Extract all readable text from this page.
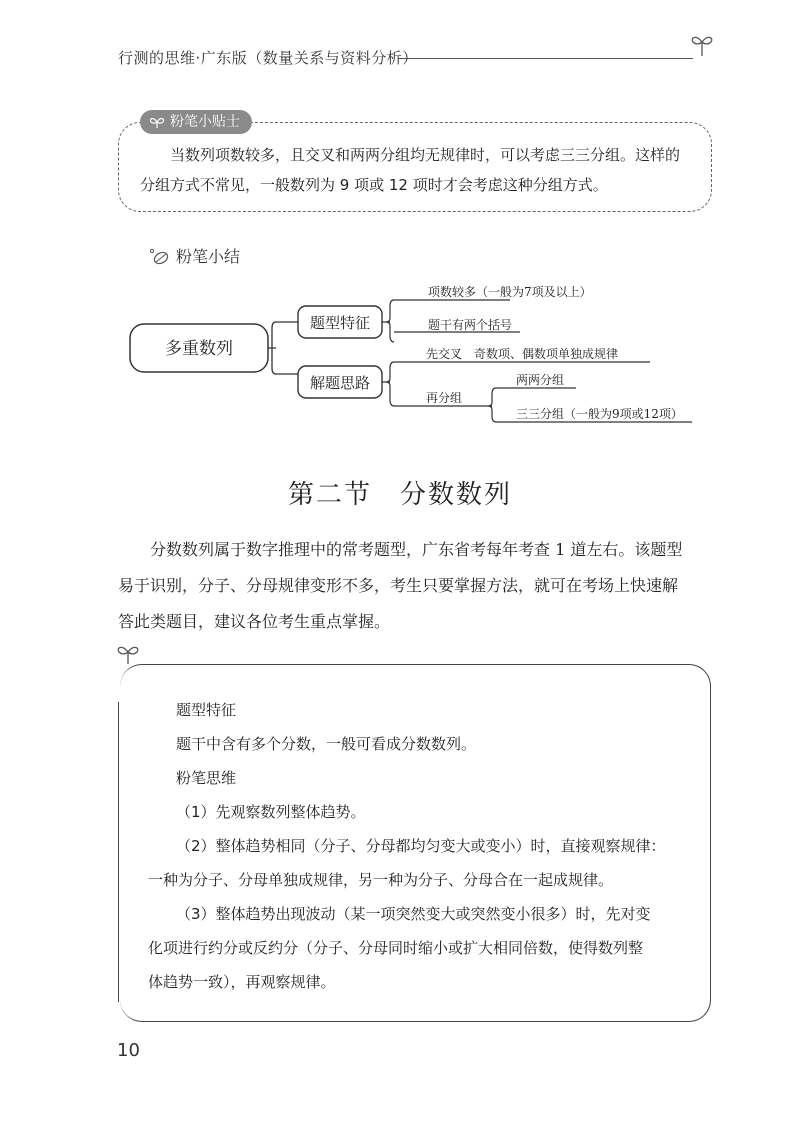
行测的思维·广东版（数量关系与资料分析）
粉笔小贴士

当数列项数较多，且交叉和两两分组均无规律时，可以考虑三三分组。这样的

分组方式不常见，一般数列为 9 项或 12 项时才会考虑这种分组方式。

粉笔小结
多重数列
题型特征
项数较多（一般为7项及以上）
题干有两个括号
解题思路
先交叉　奇数项、偶数项单独成规律
再分组
两两分组
三三分组（一般为9项或12项）
第二节　分数数列
分数数列属于数字推理中的常考题型，广东省考每年考查 1 道左右。该题型易于识别，分子、分母规律变形不多，考生只要掌握方法，就可在考场上快速解答此类题目，建议各位考生重点掌握。

题型特征

题干中含有多个分数，一般可看成分数数列。

粉笔思维

（1）先观察数列整体趋势。

（2）整体趋势相同（分子、分母都均匀变大或变小）时，直接观察规律：

一种为分子、分母单独成规律，另一种为分子、分母合在一起成规律。

（3）整体趋势出现波动（某一项突然变大或突然变小很多）时，先对变

化项进行约分或反约分（分子、分母同时缩小或扩大相同倍数，使得数列整

体趋势一致），再观察规律。

10
